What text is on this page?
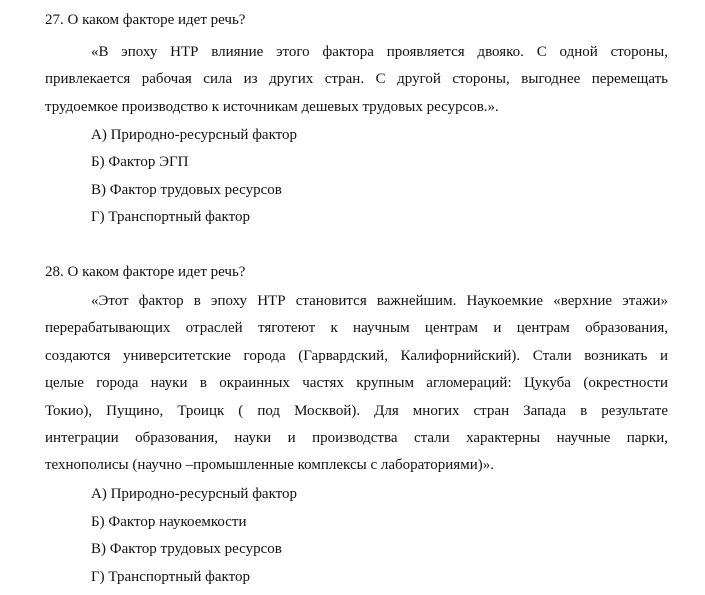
27. О каком факторе идет речь?
«В эпоху НТР влияние этого фактора проявляется двояко. С одной стороны,
привлекается рабочая сила из других стран. С другой стороны, выгоднее перемещать
трудоемкое производство к источникам дешевых трудовых ресурсов.».
А) Природно-ресурсный фактор
Б) Фактор ЭГП
В) Фактор трудовых ресурсов
Г) Транспортный фактор
28. О каком факторе идет речь?
«Этот фактор в эпоху НТР становится важнейшим. Наукоемкие «верхние этажи»
перерабатывающих отраслей тяготеют к научным центрам и центрам образования,
создаются университетские города (Гарвардский, Калифорнийский). Стали возникать и
целые города науки в окраинных частях крупным агломераций: Цукуба (окрестности
Токио), Пущино, Троицк ( под Москвой). Для многих стран Запада в результате
интеграции образования, науки и производства стали характерны научные парки,
технополисы (научно –промышленные комплексы с лабораториями)».
А) Природно-ресурсный фактор
Б) Фактор наукоемкости
В) Фактор трудовых ресурсов
Г) Транспортный фактор
